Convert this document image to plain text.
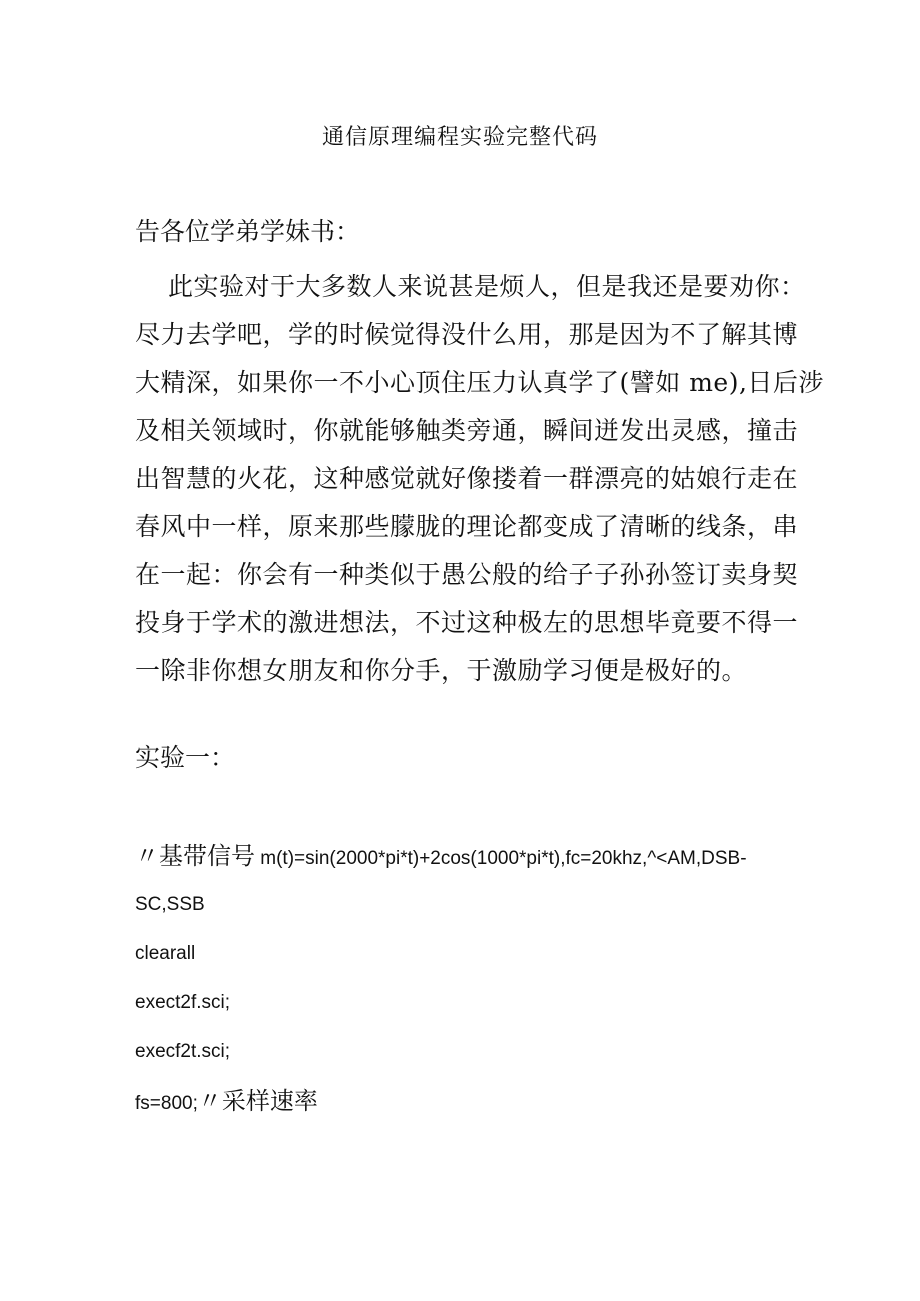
通信原理编程实验完整代码
告各位学弟学妹书：
此实验对于大多数人来说甚是烦人，但是我还是要劝你：
尽力去学吧，学的时候觉得没什么用，那是因为不了解其博
大精深，如果你一不小心顶住压力认真学了(譬如 me),日后涉
及相关领域时，你就能够触类旁通，瞬间迸发出灵感，撞击
出智慧的火花，这种感觉就好像搂着一群漂亮的姑娘行走在
春风中一样，原来那些朦胧的理论都变成了清晰的线条，串
在一起：你会有一种类似于愚公般的给子子孙孙签订卖身契
投身于学术的激进想法，不过这种极左的思想毕竟要不得一
一除非你想女朋友和你分手，于激励学习便是极好的。
实验一：
〃基带信号 m(t)=sin(2000*pi*t)+2cos(1000*pi*t),fc=20khz,^<AM,DSB-
SC,SSB
clearall
exect2f.sci;
execf2t.sci;
fs=800;〃采样速率
